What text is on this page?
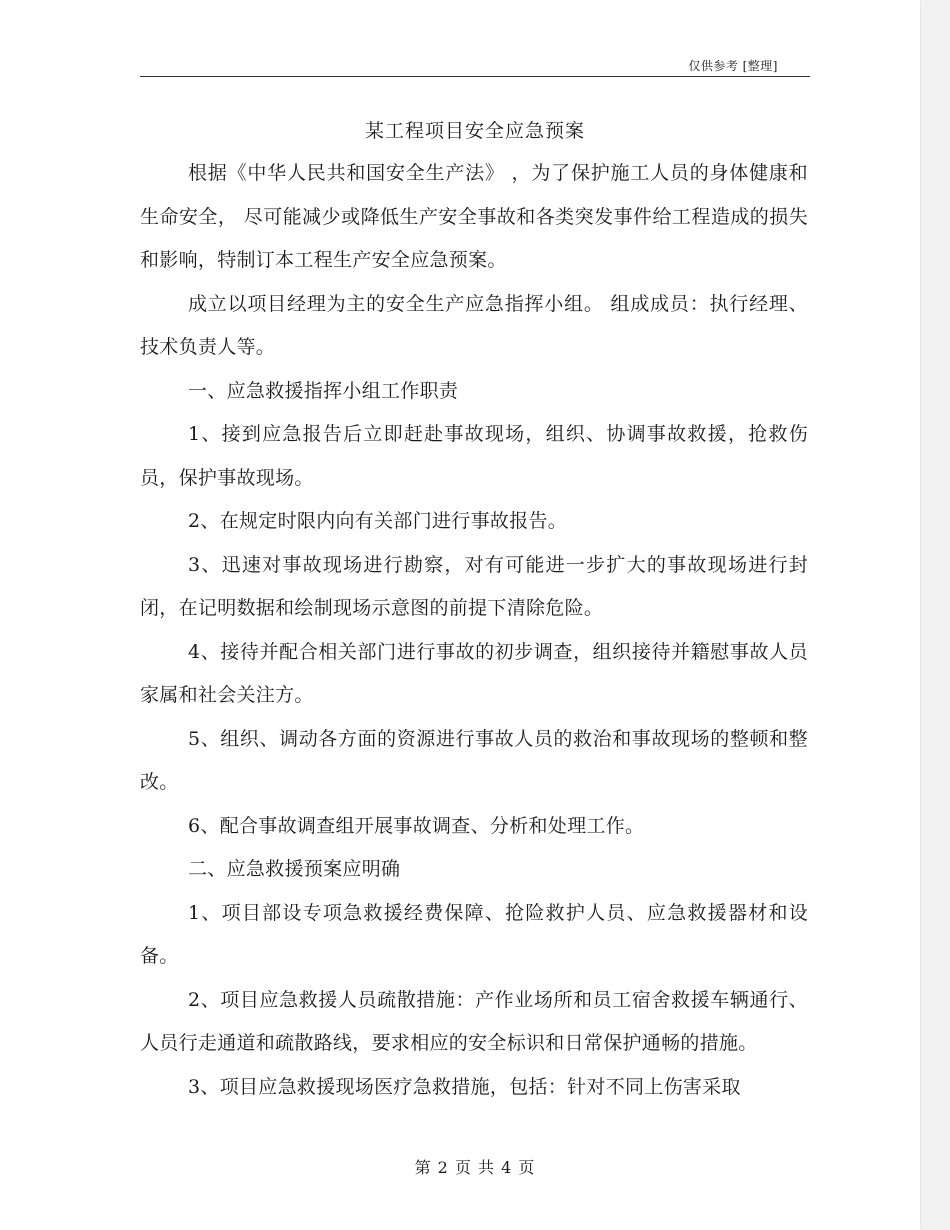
仅供参考 [整理]
某工程项目安全应急预案

根据《中华人民共和国安全生产法》 ，为了保护施工人员的身体健康和生命安全， 尽可能减少或降低生产安全事故和各类突发事件给工程造成的损失和影响，特制订本工程生产安全应急预案。

成立以项目经理为主的安全生产应急指挥小组。 组成成员：执行经理、技术负责人等。

一、应急救援指挥小组工作职责

1、接到应急报告后立即赶赴事故现场，组织、协调事故救援，抢救伤员，保护事故现场。

2、在规定时限内向有关部门进行事故报告。

3、迅速对事故现场进行勘察，对有可能进一步扩大的事故现场进行封闭，在记明数据和绘制现场示意图的前提下清除危险。

4、接待并配合相关部门进行事故的初步调查，组织接待并籍慰事故人员家属和社会关注方。

5、组织、调动各方面的资源进行事故人员的救治和事故现场的整顿和整改。

6、配合事故调查组开展事故调查、分析和处理工作。

二、应急救援预案应明确

1、项目部设专项急救援经费保障、抢险救护人员、应急救援器材和设备。

2、项目应急救援人员疏散措施：产作业场所和员工宿舍救援车辆通行、人员行走通道和疏散路线，要求相应的安全标识和日常保护通畅的措施。

3、项目应急救援现场医疗急救措施，包括：针对不同上伤害采取

第 2 页 共 4 页
